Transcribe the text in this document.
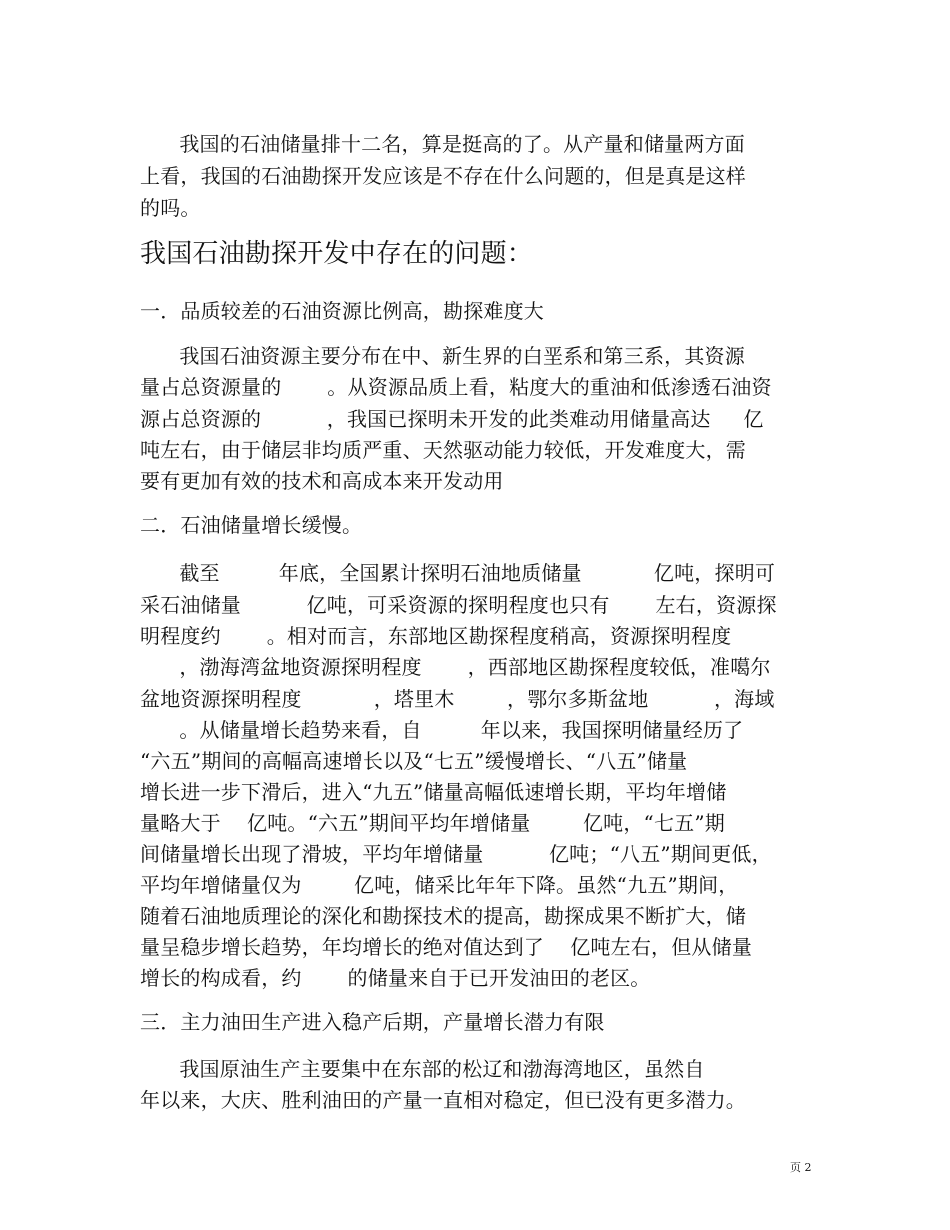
我国的石油储量排十二名，算是挺高的了。从产量和储量两方面
上看，我国的石油勘探开发应该是不存在什么问题的，但是真是这样
的吗。
我国石油勘探开发中存在的问题：
一．品质较差的石油资源比例高，勘探难度大
我国石油资源主要分布在中、新生界的白垩系和第三系，其资源
量占总资源量的       。从资源品质上看，粘度大的重油和低渗透石油资
源占总资源的          ，我国已探明未开发的此类难动用储量高达     亿
吨左右，由于储层非均质严重、天然驱动能力较低，开发难度大，需
要有更加有效的技术和高成本来开发动用
二．石油储量增长缓慢。
截至         年底，全国累计探明石油地质储量           亿吨，探明可
采石油储量          亿吨，可采资源的探明程度也只有       左右，资源探
明程度约       。相对而言，东部地区勘探程度稍高，资源探明程度
，渤海湾盆地资源探明程度       ，西部地区勘探程度较低，准噶尔
盆地资源探明程度           ，塔里木        ，鄂尔多斯盆地          ，海域
。从储量增长趋势来看，自         年以来，我国探明储量经历了
“六五”期间的高幅高速增长以及“七五”缓慢增长、“八五”储量
增长进一步下滑后，进入“九五”储量高幅低速增长期，平均年增储
量略大于    亿吨。“六五”期间平均年增储量        亿吨，“七五”期
间储量增长出现了滑坡，平均年增储量          亿吨；“八五”期间更低，
平均年增储量仅为        亿吨，储采比年年下降。虽然“九五”期间，
随着石油地质理论的深化和勘探技术的提高，勘探成果不断扩大，储
量呈稳步增长趋势，年均增长的绝对值达到了    亿吨左右，但从储量
增长的构成看，约       的储量来自于已开发油田的老区。
三．主力油田生产进入稳产后期，产量增长潜力有限
我国原油生产主要集中在东部的松辽和渤海湾地区，虽然自
年以来，大庆、胜利油田的产量一直相对稳定，但已没有更多潜力。
页 2
